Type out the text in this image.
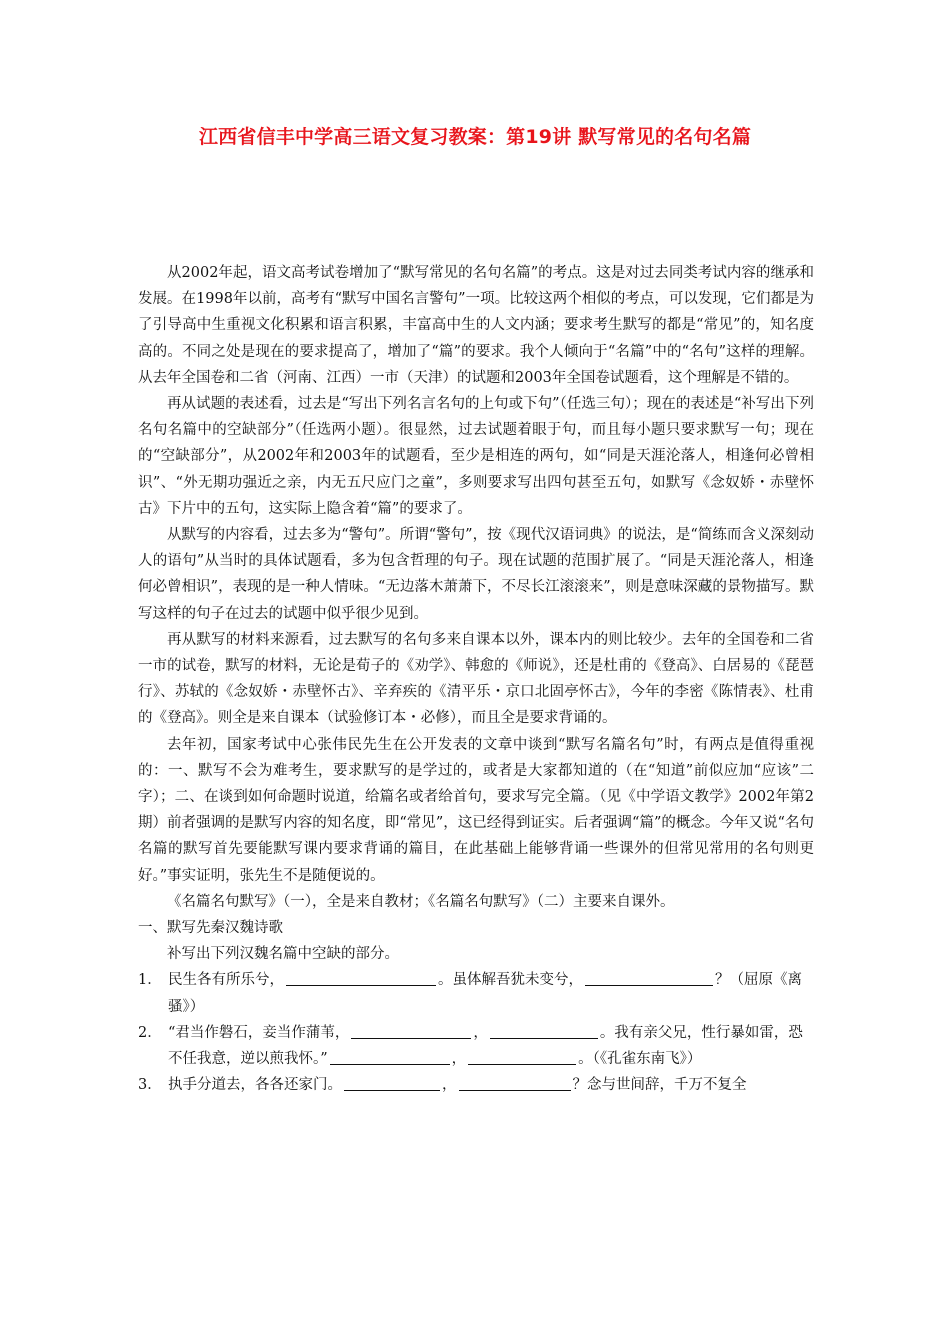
江西省信丰中学高三语文复习教案：第19讲 默写常见的名句名篇

从2002年起，语文高考试卷增加了“默写常见的名句名篇”的考点。这是对过去同类考试内容的继承和发展。在1998年以前，高考有“默写中国名言警句”一项。比较这两个相似的考点，可以发现，它们都是为了引导高中生重视文化积累和语言积累，丰富高中生的人文内涵；要求考生默写的都是“常见”的，知名度高的。不同之处是现在的要求提高了，增加了“篇”的要求。我个人倾向于“名篇”中的“名句”这样的理解。从去年全国卷和二省（河南、江西）一市（天津）的试题和2003年全国卷试题看，这个理解是不错的。

再从试题的表述看，过去是“写出下列名言名句的上句或下句”（任选三句）；现在的表述是“补写出下列名句名篇中的空缺部分”（任选两小题）。很显然，过去试题着眼于句，而且每小题只要求默写一句；现在的“空缺部分”，从2002年和2003年的试题看，至少是相连的两句，如“同是天涯沦落人，相逢何必曾相识”、“外无期功强近之亲，内无五尺应门之童”，多则要求写出四句甚至五句，如默写《念奴娇・赤壁怀古》下片中的五句，这实际上隐含着“篇”的要求了。

从默写的内容看，过去多为“警句”。所谓“警句”，按《现代汉语词典》的说法，是“简练而含义深刻动人的语句”从当时的具体试题看，多为包含哲理的句子。现在试题的范围扩展了。“同是天涯沦落人，相逢何必曾相识”，表现的是一种人情味。“无边落木萧萧下，不尽长江滚滚来”，则是意味深藏的景物描写。默写这样的句子在过去的试题中似乎很少见到。

再从默写的材料来源看，过去默写的名句多来自课本以外，课本内的则比较少。去年的全国卷和二省一市的试卷，默写的材料，无论是荀子的《劝学》、韩愈的《师说》，还是杜甫的《登高》、白居易的《琵琶行》、苏轼的《念奴娇・赤壁怀古》、辛弃疾的《清平乐・京口北固亭怀古》，今年的李密《陈情表》、杜甫的《登高》。则全是来自课本（试验修订本・必修），而且全是要求背诵的。

去年初，国家考试中心张伟民先生在公开发表的文章中谈到“默写名篇名句”时，有两点是值得重视的：一、默写不会为难考生，要求默写的是学过的，或者是大家都知道的（在“知道”前似应加“应该”二字）；二、在谈到如何命题时说道，给篇名或者给首句，要求写完全篇。（见《中学语文教学》2002年第2期）前者强调的是默写内容的知名度，即“常见”，这已经得到证实。后者强调“篇”的概念。今年又说“名句名篇的默写首先要能默写课内要求背诵的篇目，在此基础上能够背诵一些课外的但常见常用的名句则更好。”事实证明，张先生不是随便说的。

《名篇名句默写》（一），全是来自教材；《名篇名句默写》（二）主要来自课外。

一、默写先秦汉魏诗歌

补写出下列汉魏名篇中空缺的部分。

1． 民生各有所乐兮，	。虽体解吾犹未变兮，	？（屈原《离骚》）
2． “君当作磐石，妾当作蒲苇，	，	。我有亲父兄，性行暴如雷，恐不任我意，逆以煎我怀。”	，	。（《孔雀东南飞》）
3． 执手分道去，各各还家门。	，	？念与世间辞，千万不复全
